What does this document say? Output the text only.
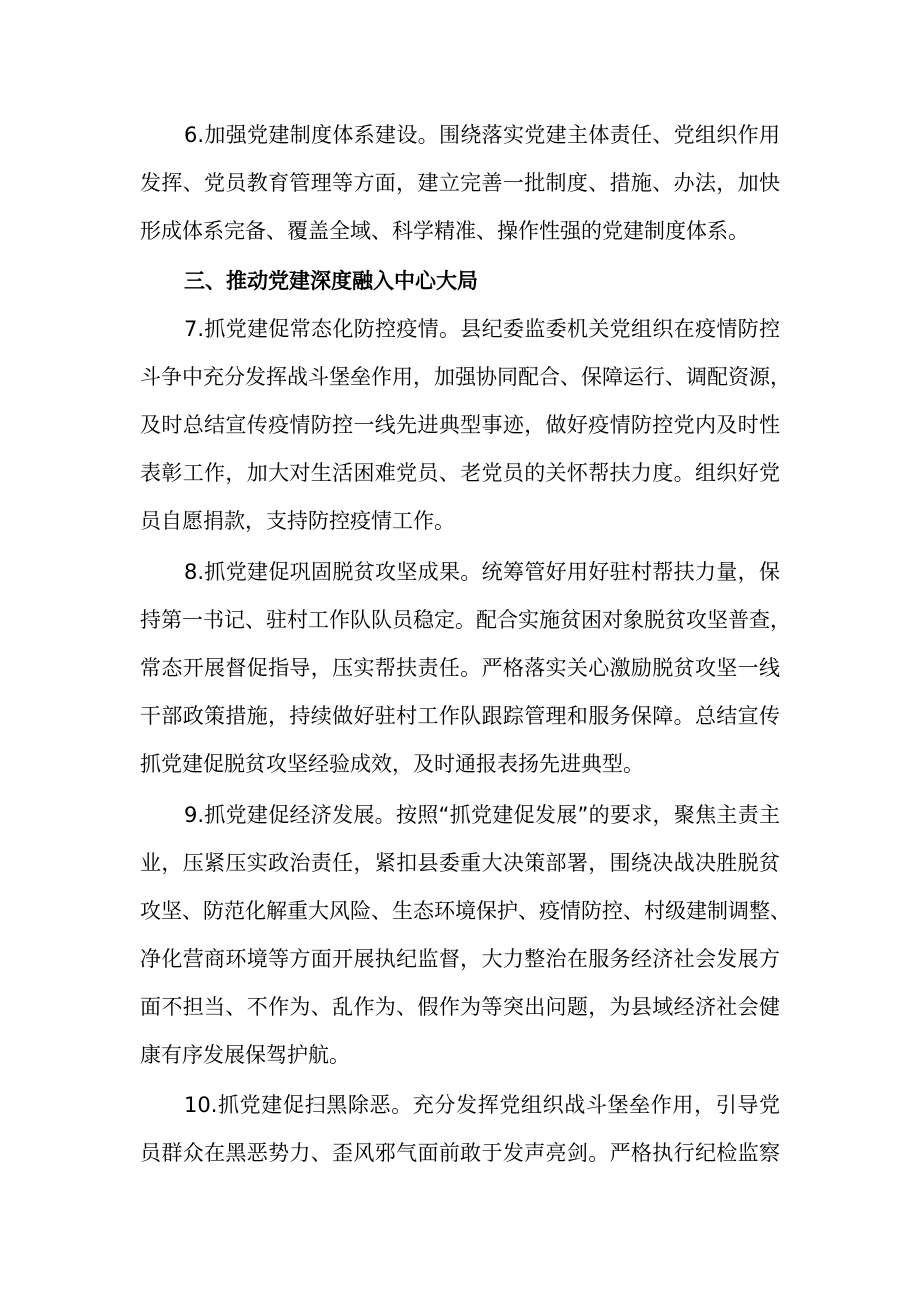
6.加强党建制度体系建设。围绕落实党建主体责任、党组织作用
发挥、党员教育管理等方面，建立完善一批制度、措施、办法，加快
形成体系完备、覆盖全域、科学精准、操作性强的党建制度体系。
三、推动党建深度融入中心大局
7.抓党建促常态化防控疫情。县纪委监委机关党组织在疫情防控
斗争中充分发挥战斗堡垒作用，加强协同配合、保障运行、调配资源，
及时总结宣传疫情防控一线先进典型事迹，做好疫情防控党内及时性
表彰工作，加大对生活困难党员、老党员的关怀帮扶力度。组织好党
员自愿捐款，支持防控疫情工作。
8.抓党建促巩固脱贫攻坚成果。统筹管好用好驻村帮扶力量，保
持第一书记、驻村工作队队员稳定。配合实施贫困对象脱贫攻坚普查，
常态开展督促指导，压实帮扶责任。严格落实关心激励脱贫攻坚一线
干部政策措施，持续做好驻村工作队跟踪管理和服务保障。总结宣传
抓党建促脱贫攻坚经验成效，及时通报表扬先进典型。
9.抓党建促经济发展。按照“抓党建促发展”的要求，聚焦主责主
业，压紧压实政治责任，紧扣县委重大决策部署，围绕决战决胜脱贫
攻坚、防范化解重大风险、生态环境保护、疫情防控、村级建制调整、
净化营商环境等方面开展执纪监督，大力整治在服务经济社会发展方
面不担当、不作为、乱作为、假作为等突出问题，为县域经济社会健
康有序发展保驾护航。
10.抓党建促扫黑除恶。充分发挥党组织战斗堡垒作用，引导党
员群众在黑恶势力、歪风邪气面前敢于发声亮剑。严格执行纪检监察
